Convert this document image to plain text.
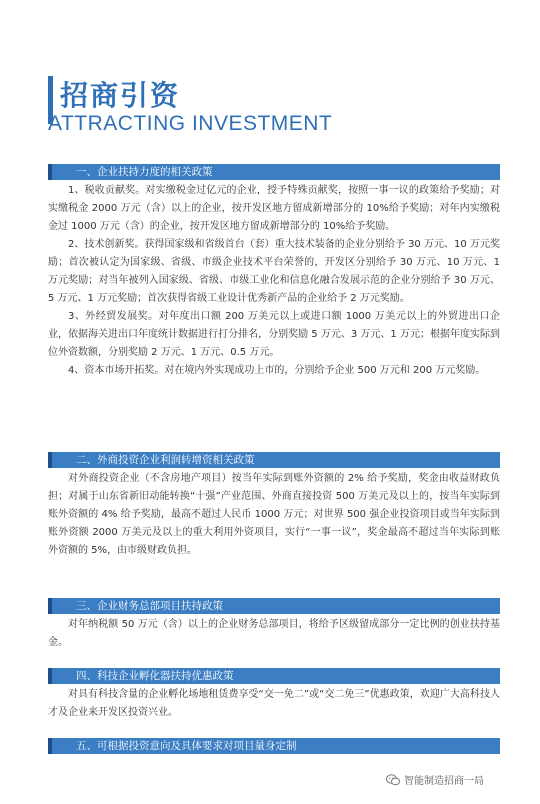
招商引资
ATTRACTING INVESTMENT
一、企业扶持力度的相关政策

1、税收贡献奖。对实缴税金过亿元的企业，授予特殊贡献奖，按照一事一议的政策给予奖励；对实缴税金 2000 万元（含）以上的企业，按开发区地方留成新增部分的 10%给予奖励；对年内实缴税金过 1000 万元（含）的企业，按开发区地方留成新增部分的 10%给予奖励。

2、技术创新奖。获得国家级和省级首台（套）重大技术装备的企业分别给予 30 万元、10 万元奖励；首次被认定为国家级、省级、市级企业技术平台荣誉的，开发区分别给予 30 万元、10 万元、1 万元奖励；对当年被列入国家级、省级、市级工业化和信息化融合发展示范的企业分别给予 30 万元、5 万元、1 万元奖励；首次获得省级工业设计优秀新产品的企业给予 2 万元奖励。

3、外经贸发展奖。对年度出口额 200 万美元以上或进口额 1000 万美元以上的外贸进出口企业，依据海关进出口年度统计数据进行打分排名，分别奖励 5 万元、3 万元、1 万元；根据年度实际到位外资数额，分别奖励 2 万元、1 万元、0.5 万元。

4、资本市场开拓奖。对在境内外实现成功上市的，分别给予企业 500 万元和 200 万元奖励。

二、外商投资企业利润转增资相关政策

对外商投资企业（不含房地产项目）按当年实际到账外资额的 2% 给予奖励，奖金由收益财政负担；对属于山东省新旧动能转换“十强”产业范围、外商直接投资 500 万美元及以上的，按当年实际到账外资额的 4% 给予奖励，最高不超过人民币 1000 万元；对世界 500 强企业投资项目或当年实际到账外资额 2000 万美元及以上的重大利用外资项目，实行“一事一议”，奖金最高不超过当年实际到账外资额的 5%，由市级财政负担。

三、企业财务总部项目扶持政策

对年纳税额 50 万元（含）以上的企业财务总部项目，将给予区级留成部分一定比例的创业扶持基金。

四、科技企业孵化器扶持优惠政策

对具有科技含量的企业孵化场地租赁费享受“交一免二”或“交二免三”优惠政策，欢迎广大高科技人才及企业来开发区投资兴业。

五、可根据投资意向及具体要求对项目量身定制
智能制造招商一局
